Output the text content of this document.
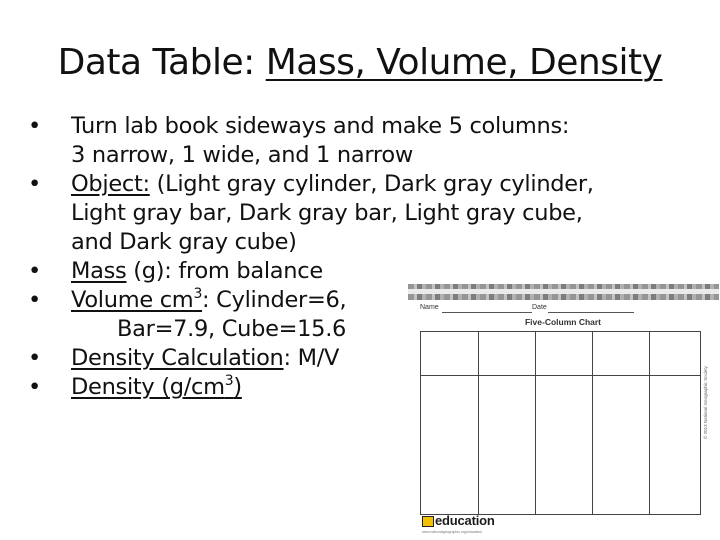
Data Table: Mass, Volume, Density
• Turn lab book sideways and make 5 columns:
3 narrow, 1 wide, and 1 narrow
• Object: (Light gray cylinder, Dark gray cylinder,
Light gray bar, Dark gray bar, Light gray cube,
and Dark gray cube)
• Mass (g): from balance
• Volume $cm^3$: Cylinder=6,
Bar=7.9, Cube=15.6
• Density Calculation: M/V
• Density $(g/cm^3)$
Name	Date
Five-Column Chart
© 2013 National Geographic Society
education
www.nationalgeographic.org/education
